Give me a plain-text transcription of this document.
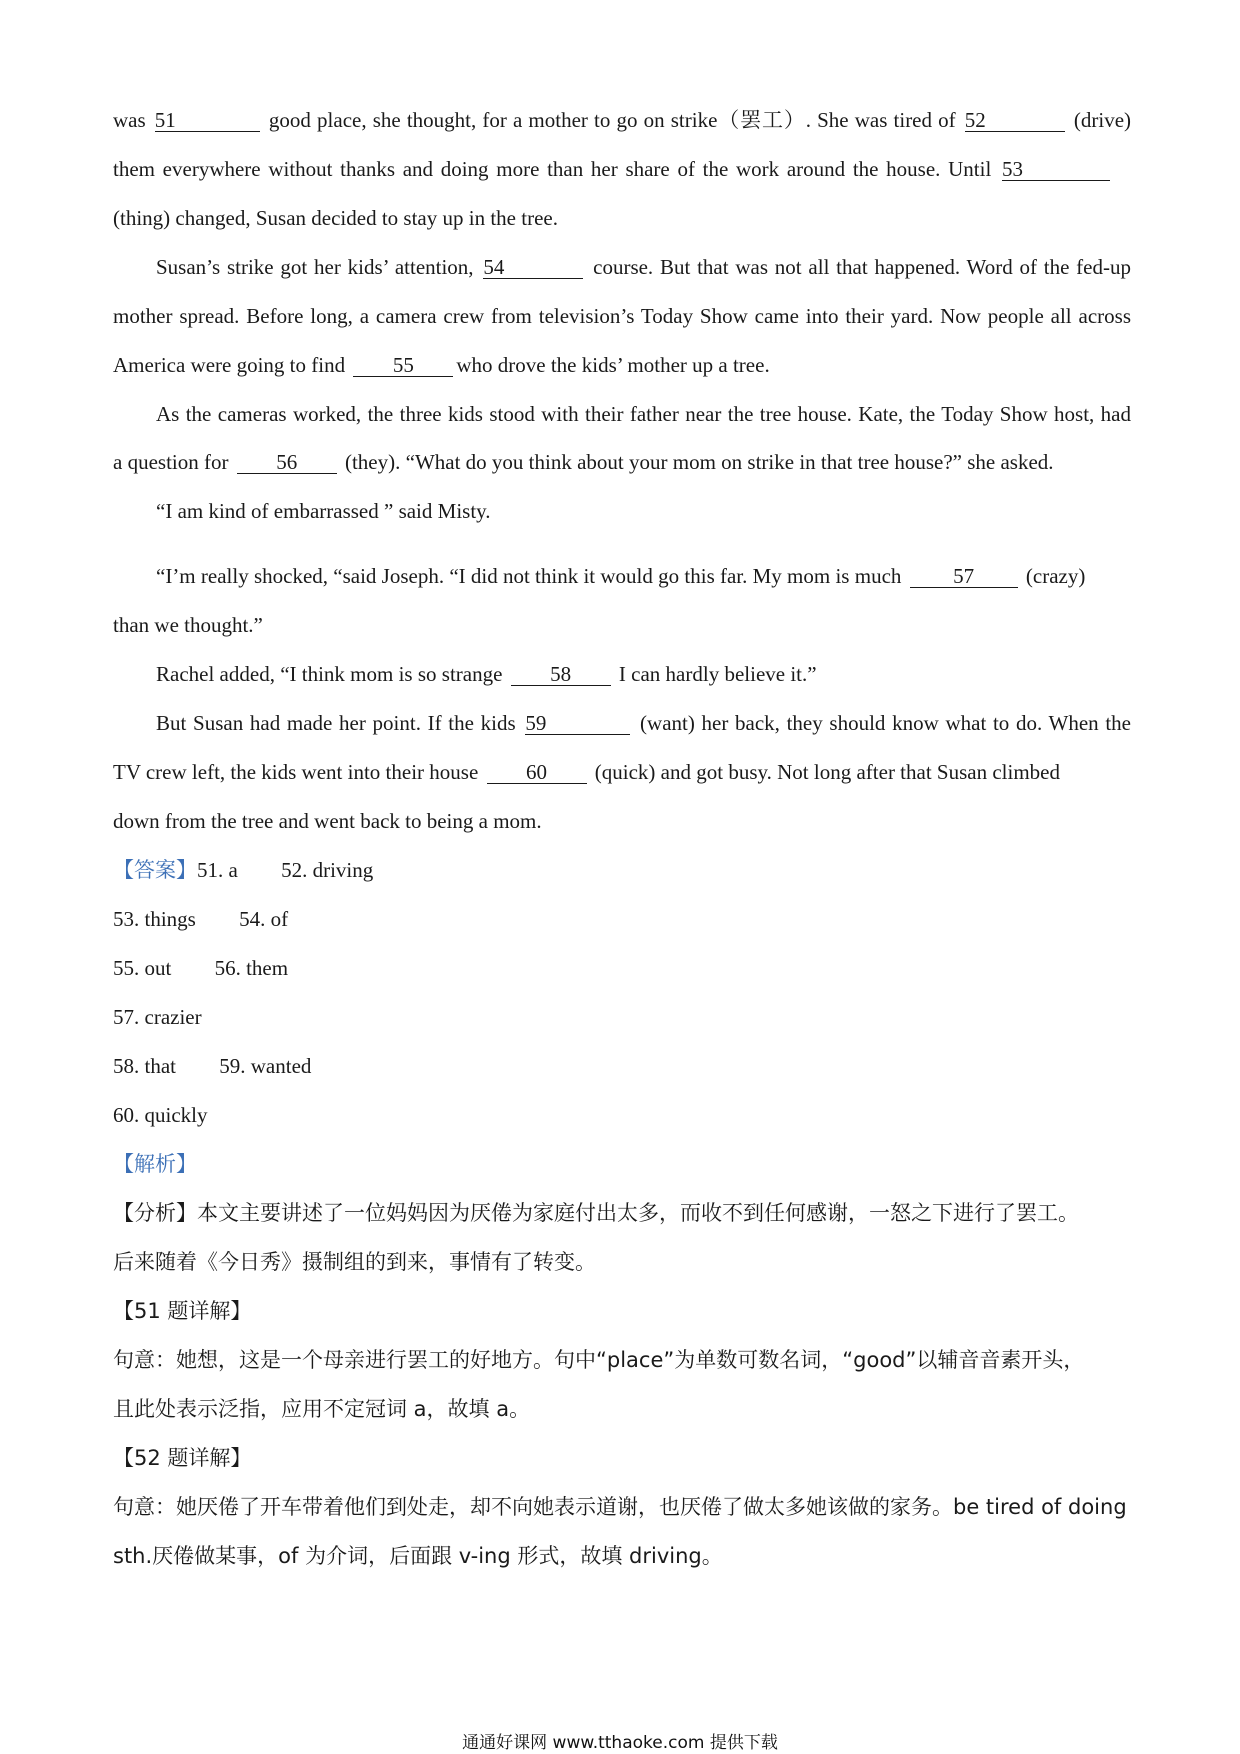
was 51	good place, she thought, for a mother to go on strike（罢工）. She was tired of 52	(drive)
them everywhere without thanks and doing more than her share of the work around the house. Until 53
(thing) changed, Susan decided to stay up in the tree.
Susan’s strike got her kids’ attention, 54	course. But that was not all that happened. Word of the fed-up
mother spread. Before long, a camera crew from television’s Today Show came into their yard. Now people all across
America were going to find 55 who drove the kids’ mother up a tree.
As the cameras worked, the three kids stood with their father near the tree house. Kate, the Today Show host, had
a question for 56 (they). “What do you think about your mom on strike in that tree house?” she asked.
“I am kind of embarrassed ” said Misty.
“I’m really shocked, “said Joseph. “I did not think it would go this far. My mom is much 57 (crazy)
than we thought.”
Rachel added, “I think mom is so strange 58 I can hardly believe it.”
But Susan had made her point. If the kids 59	(want) her back, they should know what to do. When the
TV crew left, the kids went into their house 60 (quick) and got busy. Not long after that Susan climbed
down from the tree and went back to being a mom.
【答案】51. a 52. driving
53. things 54. of
55. out 56. them
57. crazier
58. that 59. wanted
60. quickly
【解析】
【分析】本文主要讲述了一位妈妈因为厌倦为家庭付出太多，而收不到任何感谢，一怒之下进行了罢工。
后来随着《今日秀》摄制组的到来，事情有了转变。
【51 题详解】
句意：她想，这是一个母亲进行罢工的好地方。句中“place”为单数可数名词，“good”以辅音音素开头，
且此处表示泛指，应用不定冠词 a，故填 a。
【52 题详解】
句意：她厌倦了开车带着他们到处走，却不向她表示道谢，也厌倦了做太多她该做的家务。be tired of doing
sth.厌倦做某事，of 为介词，后面跟 v-ing 形式，故填 driving。
通通好课网 www.tthaoke.com 提供下载
